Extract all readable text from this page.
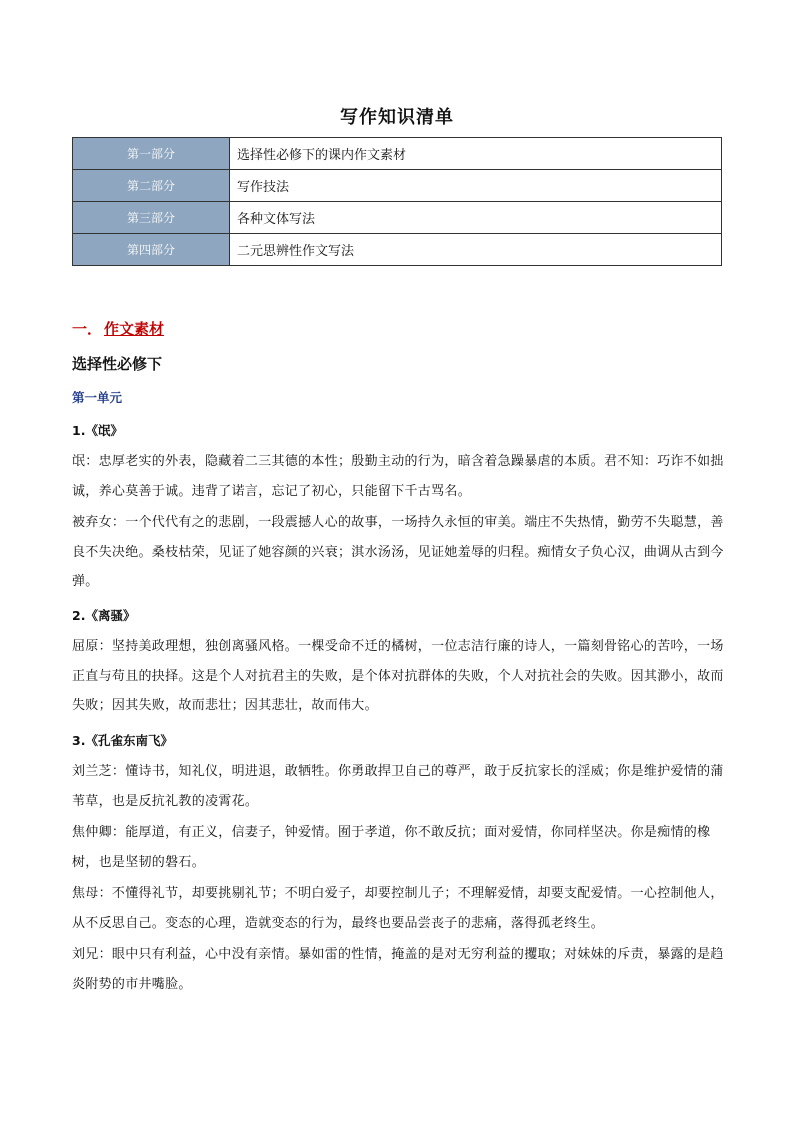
写作知识清单
第一部分	选择性必修下的课内作文素材
第二部分	写作技法
第三部分	各种文体写法
第四部分	二元思辨性作文写法
一． 作文素材
选择性必修下
第一单元
1.《氓》
氓：忠厚老实的外表，隐藏着二三其德的本性；殷勤主动的行为，暗含着急躁暴虐的本质。君不知：巧诈不如拙诚，养心莫善于诚。违背了诺言，忘记了初心，只能留下千古骂名。
被弃女：一个代代有之的悲剧，一段震撼人心的故事，一场持久永恒的审美。端庄不失热情，勤劳不失聪慧，善良不失决绝。桑枝枯荣，见证了她容颜的兴衰；淇水汤汤，见证她羞辱的归程。痴情女子负心汉，曲调从古到今弹。
2.《离骚》
屈原：坚持美政理想，独创离骚风格。一棵受命不迁的橘树，一位志洁行廉的诗人，一篇刻骨铭心的苦吟，一场正直与苟且的抉择。这是个人对抗君主的失败，是个体对抗群体的失败，个人对抗社会的失败。因其渺小，故而失败；因其失败，故而悲壮；因其悲壮，故而伟大。
3.《孔雀东南飞》
刘兰芝：懂诗书，知礼仪，明进退，敢牺牲。你勇敢捍卫自己的尊严，敢于反抗家长的淫威；你是维护爱情的蒲苇草，也是反抗礼教的凌霄花。
焦仲卿：能厚道，有正义，信妻子，钟爱情。囿于孝道，你不敢反抗；面对爱情，你同样坚决。你是痴情的橡树，也是坚韧的磐石。
焦母：不懂得礼节，却要挑剔礼节；不明白爱子，却要控制儿子；不理解爱情，却要支配爱情。一心控制他人，从不反思自己。变态的心理，造就变态的行为，最终也要品尝丧子的悲痛，落得孤老终生。
刘兄：眼中只有利益，心中没有亲情。暴如雷的性情，掩盖的是对无穷利益的攫取；对妹妹的斥责，暴露的是趋炎附势的市井嘴脸。
